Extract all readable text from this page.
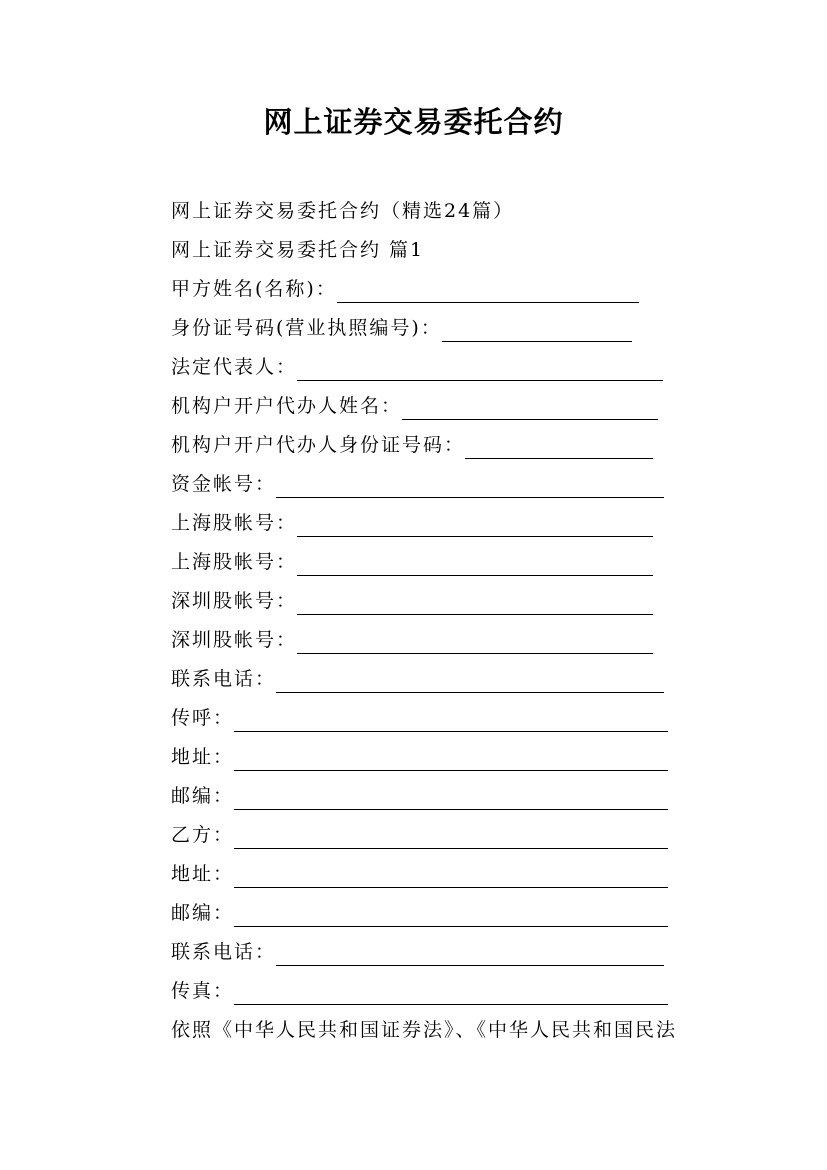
网上证券交易委托合约
网上证券交易委托合约（精选24篇）
网上证券交易委托合约 篇1
甲方姓名(名称)：
身份证号码(营业执照编号)：
法定代表人：
机构户开户代办人姓名：
机构户开户代办人身份证号码：
资金帐号：
上海股帐号：
上海股帐号：
深圳股帐号：
深圳股帐号：
联系电话：
传呼：
地址：
邮编：
乙方：
地址：
邮编：
联系电话：
传真：
依照《中华人民共和国证券法》、《中华人民共和国民法
